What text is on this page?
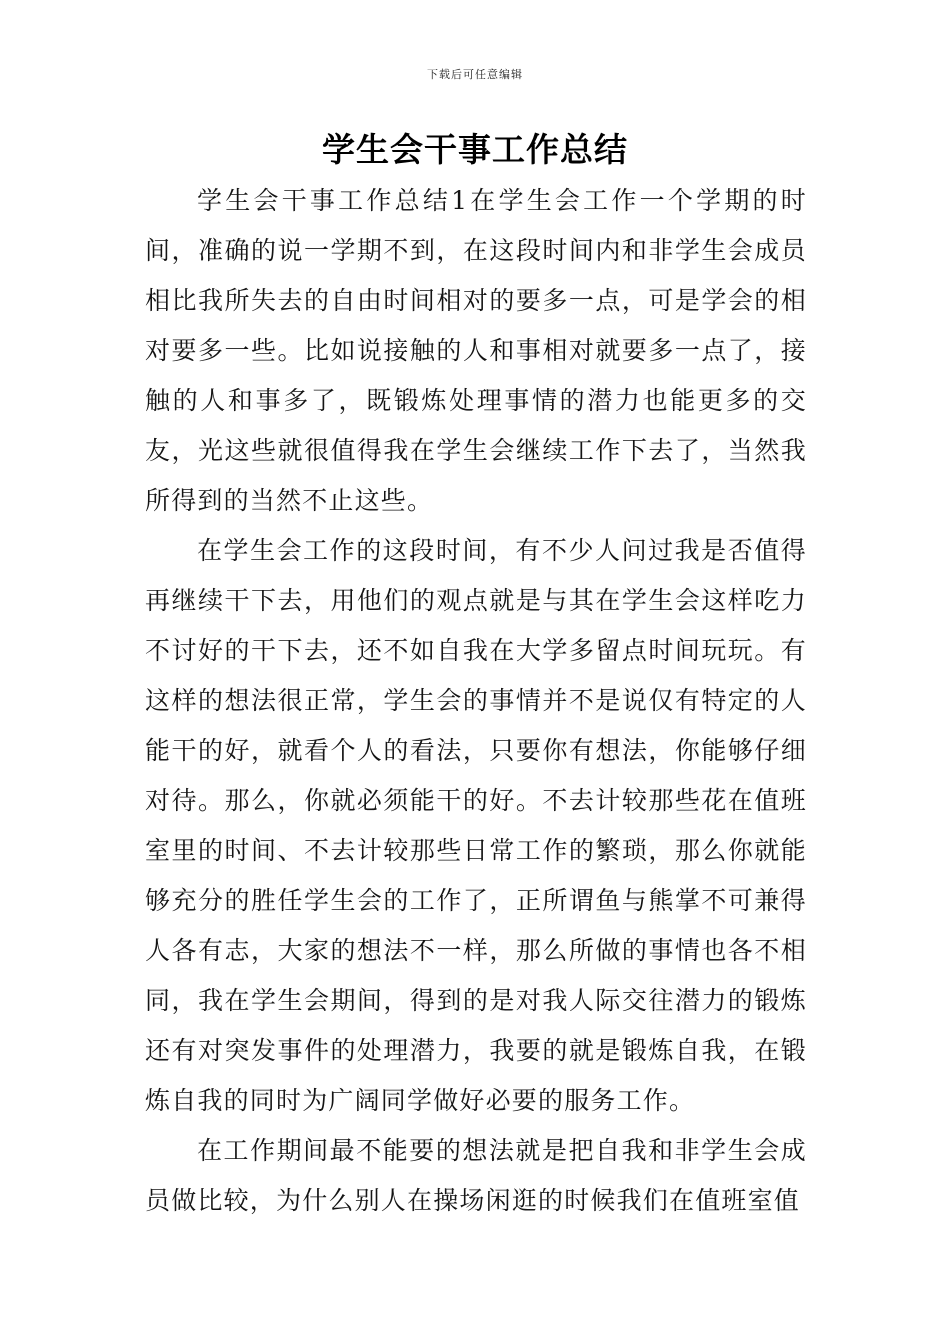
下载后可任意编辑
学生会干事工作总结

学生会干事工作总结1在学生会工作一个学期的时间，准确的说一学期不到，在这段时间内和非学生会成员相比我所失去的自由时间相对的要多一点，可是学会的相对要多一些。比如说接触的人和事相对就要多一点了，接触的人和事多了，既锻炼处理事情的潜力也能更多的交友，光这些就很值得我在学生会继续工作下去了，当然我所得到的当然不止这些。

在学生会工作的这段时间，有不少人问过我是否值得再继续干下去，用他们的观点就是与其在学生会这样吃力不讨好的干下去，还不如自我在大学多留点时间玩玩。有这样的想法很正常，学生会的事情并不是说仅有特定的人能干的好，就看个人的看法，只要你有想法，你能够仔细对待。那么，你就必须能干的好。不去计较那些花在值班室里的时间、不去计较那些日常工作的繁琐，那么你就能够充分的胜任学生会的工作了，正所谓鱼与熊掌不可兼得人各有志，大家的想法不一样，那么所做的事情也各不相同，我在学生会期间，得到的是对我人际交往潜力的锻炼还有对突发事件的处理潜力，我要的就是锻炼自我，在锻炼自我的同时为广阔同学做好必要的服务工作。

在工作期间最不能要的想法就是把自我和非学生会成员做比较，为什么别人在操场闲逛的时候我们在值班室值
